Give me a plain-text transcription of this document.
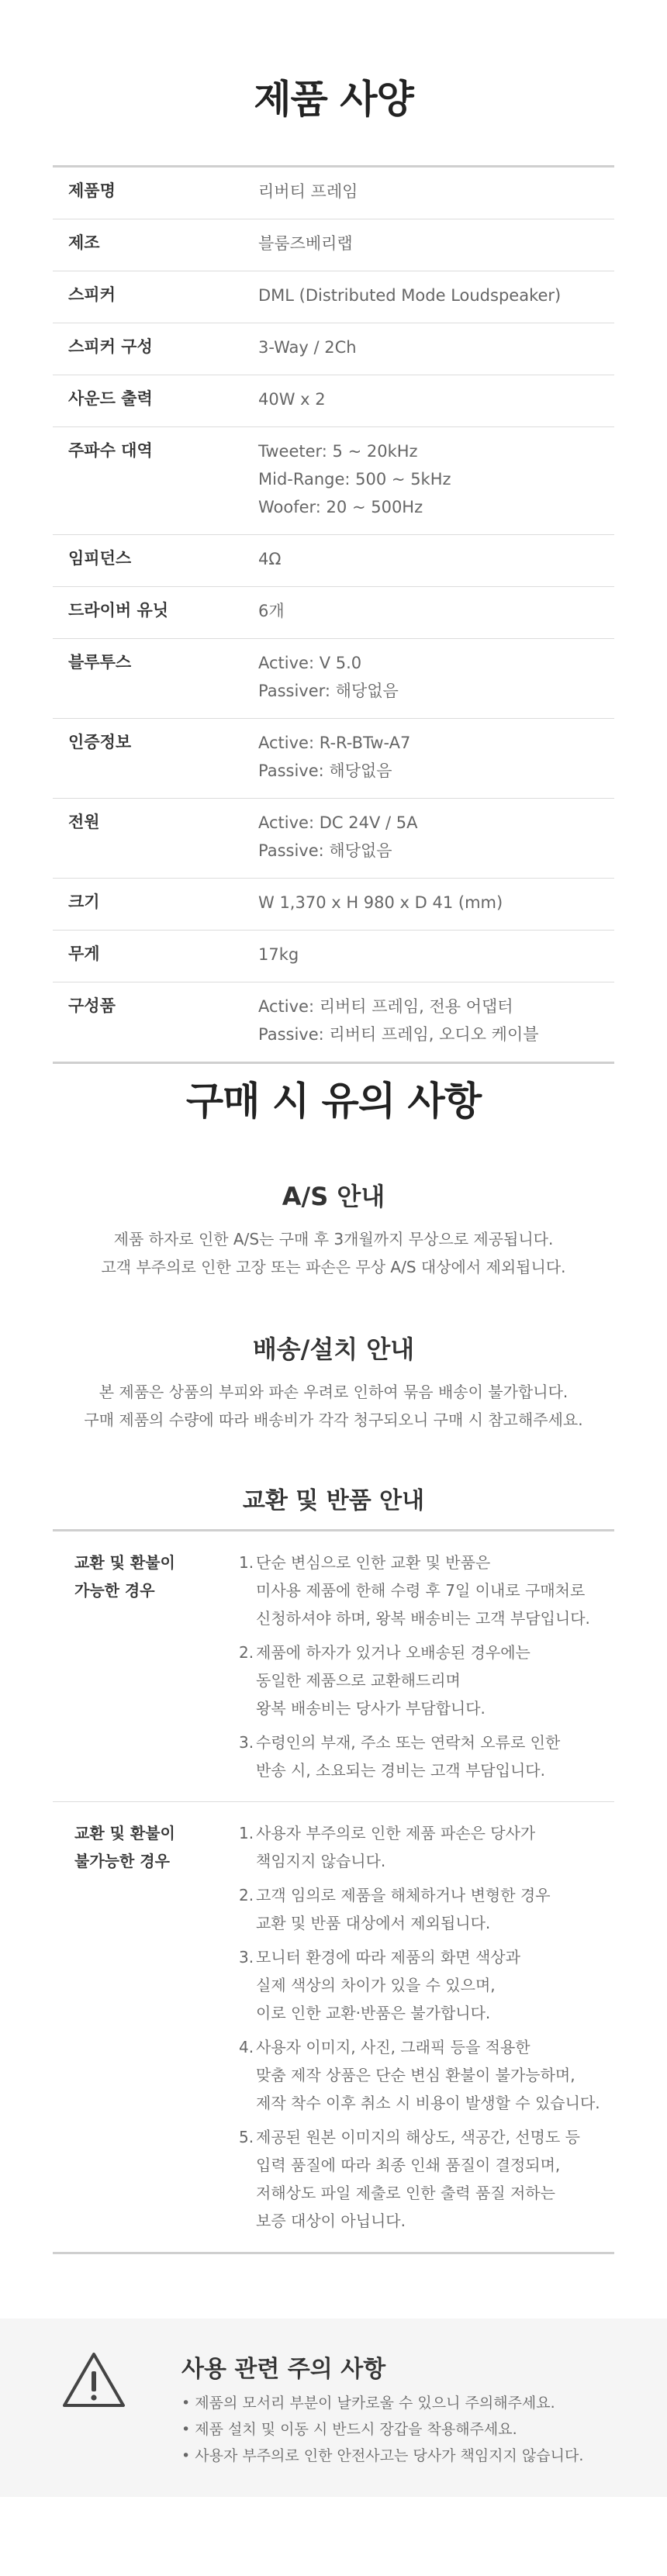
제품 사양
제품명	리버티 프레임
제조	블룸즈베리랩
스피커	DML (Distributed Mode Loudspeaker)
스피커 구성	3-Way / 2Ch
사운드 출력	40W x 2
주파수 대역	Tweeter: 5 ~ 20kHz
Mid-Range: 500 ~ 5kHz
Woofer: 20 ~ 500Hz
임피던스	4Ω
드라이버 유닛	6개
블루투스	Active: V 5.0
Passiver: 해당없음
인증정보	Active: R-R-BTw-A7
Passive: 해당없음
전원	Active: DC 24V / 5A
Passive: 해당없음
크기	W 1,370 x H 980 x D 41 (mm)
무게	17kg
구성품	Active: 리버티 프레임, 전용 어댑터
Passive: 리버티 프레임, 오디오 케이블
구매 시 유의 사항
A/S 안내

제품 하자로 인한 A/S는 구매 후 3개월까지 무상으로 제공됩니다.

고객 부주의로 인한 고장 또는 파손은 무상 A/S 대상에서 제외됩니다.

배송/설치 안내

본 제품은 상품의 부피와 파손 우려로 인하여 묶음 배송이 불가합니다.

구매 제품의 수량에 따라 배송비가 각각 청구되오니 구매 시 참고해주세요.

교환 및 반품 안내
교환 및 환불이
가능한 경우
1. 단순 변심으로 인한 교환 및 반품은
미사용 제품에 한해 수령 후 7일 이내로 구매처로
신청하셔야 하며, 왕복 배송비는 고객 부담입니다.
2. 제품에 하자가 있거나 오배송된 경우에는
동일한 제품으로 교환해드리며
왕복 배송비는 당사가 부담합니다.
3. 수령인의 부재, 주소 또는 연락처 오류로 인한
반송 시, 소요되는 경비는 고객 부담입니다.
교환 및 환불이
불가능한 경우
1. 사용자 부주의로 인한 제품 파손은 당사가
책임지지 않습니다.
2. 고객 임의로 제품을 해체하거나 변형한 경우
교환 및 반품 대상에서 제외됩니다.
3. 모니터 환경에 따라 제품의 화면 색상과
실제 색상의 차이가 있을 수 있으며,
이로 인한 교환·반품은 불가합니다.
4. 사용자 이미지, 사진, 그래픽 등을 적용한
맞춤 제작 상품은 단순 변심 환불이 불가능하며,
제작 착수 이후 취소 시 비용이 발생할 수 있습니다.
5. 제공된 원본 이미지의 해상도, 색공간, 선명도 등
입력 품질에 따라 최종 인쇄 품질이 결정되며,
저해상도 파일 제출로 인한 출력 품질 저하는
보증 대상이 아닙니다.
사용 관련 주의 사항
• 제품의 모서리 부분이 날카로울 수 있으니 주의해주세요.
• 제품 설치 및 이동 시 반드시 장갑을 착용해주세요.
• 사용자 부주의로 인한 안전사고는 당사가 책임지지 않습니다.
